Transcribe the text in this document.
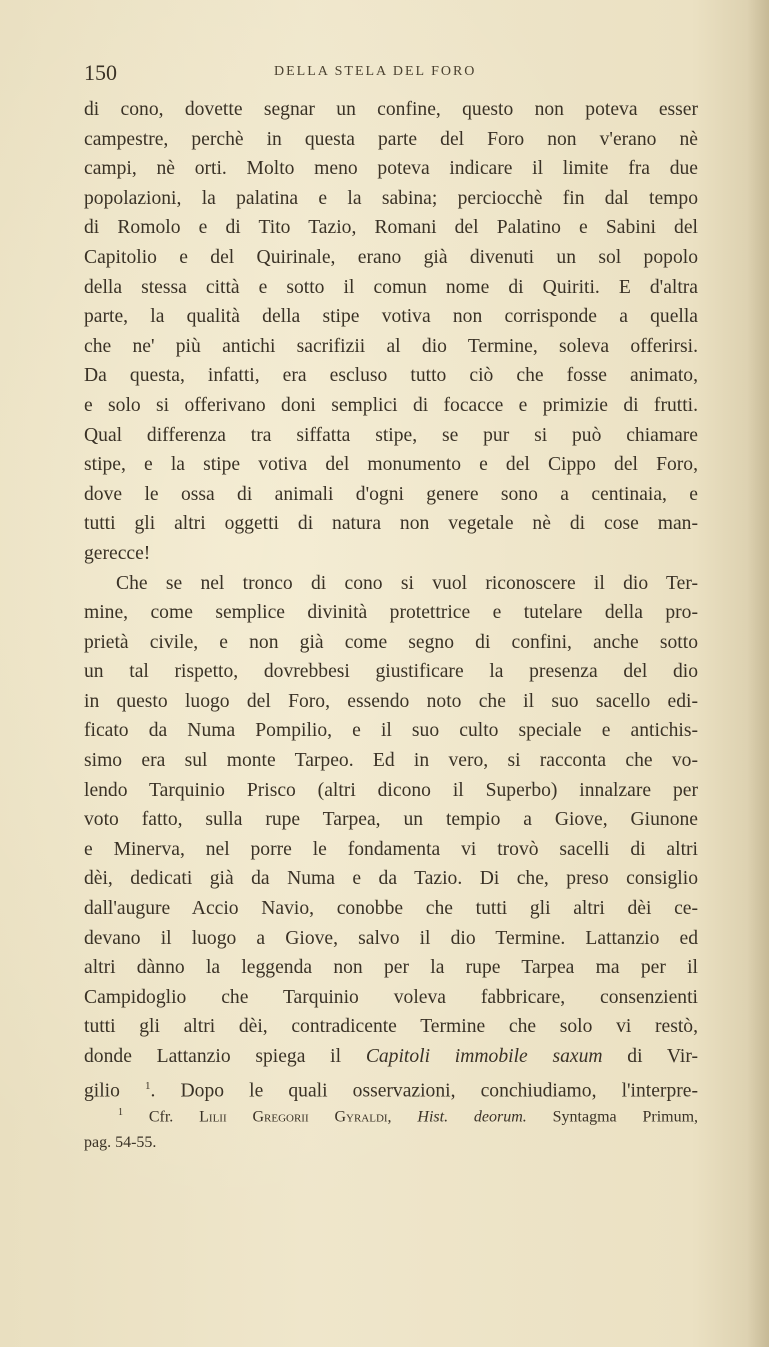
150	DELLA STELA DEL FORO
di cono, dovette segnar un confine, questo non poteva esser
campestre, perchè in questa parte del Foro non v'erano nè
campi, nè orti. Molto meno poteva indicare il limite fra due
popolazioni, la palatina e la sabina; perciocchè fin dal tempo
di Romolo e di Tito Tazio, Romani del Palatino e Sabini del
Capitolio e del Quirinale, erano già divenuti un sol popolo
della stessa città e sotto il comun nome di Quiriti. E d'altra
parte, la qualità della stipe votiva non corrisponde a quella
che ne' più antichi sacrifizii al dio Termine, soleva offerirsi.
Da questa, infatti, era escluso tutto ciò che fosse animato,
e solo si offerivano doni semplici di focacce e primizie di frutti.
Qual differenza tra siffatta stipe, se pur si può chiamare
stipe, e la stipe votiva del monumento e del Cippo del Foro,
dove le ossa di animali d'ogni genere sono a centinaia, e
tutti gli altri oggetti di natura non vegetale nè di cose man-
gerecce!
Che se nel tronco di cono si vuol riconoscere il dio Ter-
mine, come semplice divinità protettrice e tutelare della pro-
prietà civile, e non già come segno di confini, anche sotto
un tal rispetto, dovrebbesi giustificare la presenza del dio
in questo luogo del Foro, essendo noto che il suo sacello edi-
ficato da Numa Pompilio, e il suo culto speciale e antichis-
simo era sul monte Tarpeo. Ed in vero, si racconta che vo-
lendo Tarquinio Prisco (altri dicono il Superbo) innalzare per
voto fatto, sulla rupe Tarpea, un tempio a Giove, Giunone
e Minerva, nel porre le fondamenta vi trovò sacelli di altri
dèi, dedicati già da Numa e da Tazio. Di che, preso consiglio
dall'augure Accio Navio, conobbe che tutti gli altri dèi ce-
devano il luogo a Giove, salvo il dio Termine. Lattanzio ed
altri dànno la leggenda non per la rupe Tarpea ma per il
Campidoglio che Tarquinio voleva fabbricare, consenzienti
tutti gli altri dèi, contradicente Termine che solo vi restò,
donde Lattanzio spiega il Capitoli immobile saxum di Vir-
gilio $^1$. Dopo le quali osservazioni, conchiudiamo, l'interpre-
$^1$ Cfr. Lilii Gregorii Gyraldi, Hist. deorum. Syntagma Primum,
pag. 54-55.
